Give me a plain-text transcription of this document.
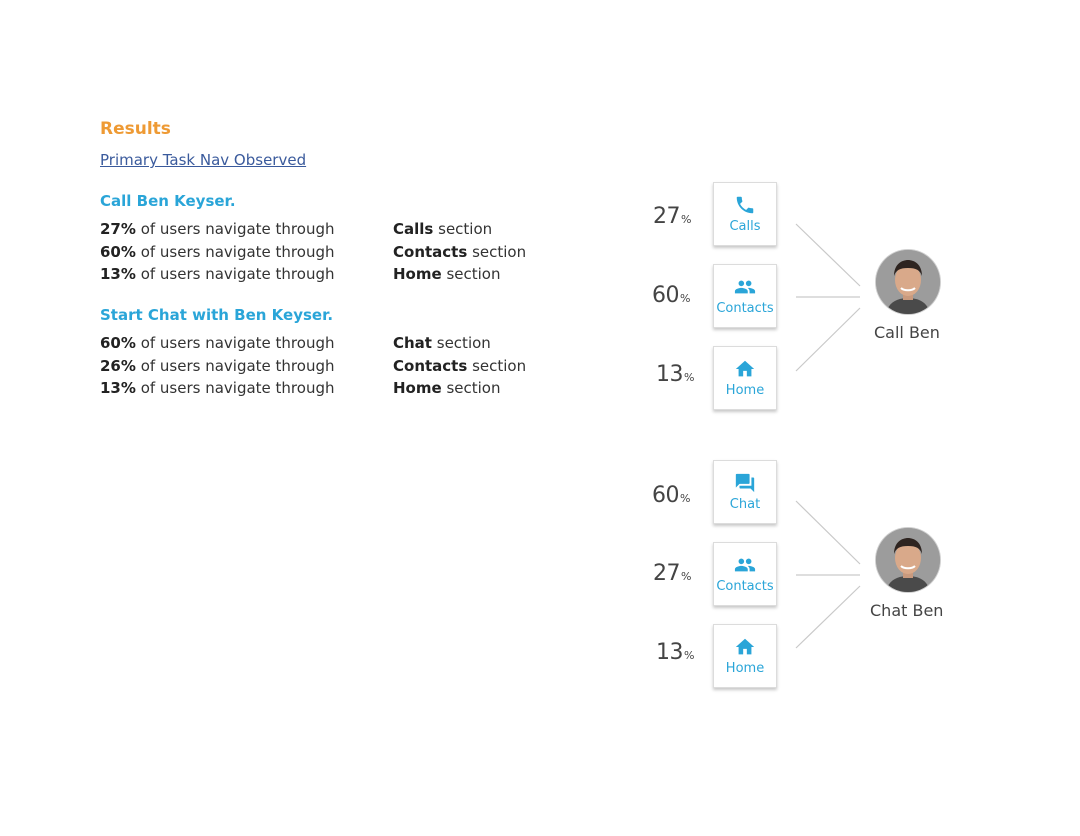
Results
Primary Task Nav Observed
Call Ben Keyser.
27% of users navigate through	Calls section
60% of users navigate through	Contacts section
13% of users navigate through	Home section
Start Chat with Ben Keyser.
60% of users navigate through	Chat section
26% of users navigate through	Contacts section
13% of users navigate through	Home section
27%	Calls
60%
Contacts
13%
Home
Call Ben
60%	Chat
27%
Contacts
13%
Home
Chat Ben
